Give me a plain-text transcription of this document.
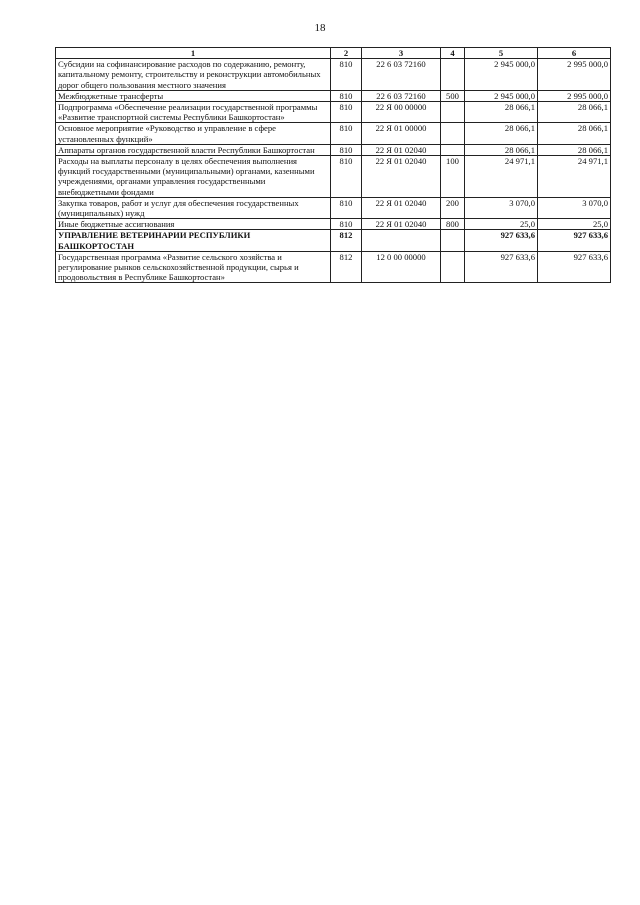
18
1	2	3	4	5	6
Субсидии на софинансирование расходов по содержанию, ремонту, капитальному ремонту, строительству и реконструкции автомобильных дорог общего пользования местного значения	810	22 6 03 72160		2 945 000,0	2 995 000,0
Межбюджетные трансферты	810	22 6 03 72160	500	2 945 000,0	2 995 000,0
Подпрограмма «Обеспечение реализации государственной программы «Развитие транспортной системы Республики Башкортостан»	810	22 Я 00 00000		28 066,1	28 066,1
Основное мероприятие «Руководство и управление в сфере установленных функций»	810	22 Я 01 00000		28 066,1	28 066,1
Аппараты органов государственной власти Республики Башкортостан	810	22 Я 01 02040		28 066,1	28 066,1
Расходы на выплаты персоналу в целях обеспечения выполнения функций государственными (муниципальными) органами, казенными учреждениями, органами управления государственными внебюджетными фондами	810	22 Я 01 02040	100	24 971,1	24 971,1
Закупка товаров, работ и услуг для обеспечения государственных (муниципальных) нужд	810	22 Я 01 02040	200	3 070,0	3 070,0
Иные бюджетные ассигнования	810	22 Я 01 02040	800	25,0	25,0
УПРАВЛЕНИЕ ВЕТЕРИНАРИИ РЕСПУБЛИКИ БАШКОРТОСТАН	812			927 633,6	927 633,6
Государственная программа «Развитие сельского хозяйства и регулирование рынков сельскохозяйственной продукции, сырья и продовольствия в Республике Башкортостан»	812	12 0 00 00000		927 633,6	927 633,6
